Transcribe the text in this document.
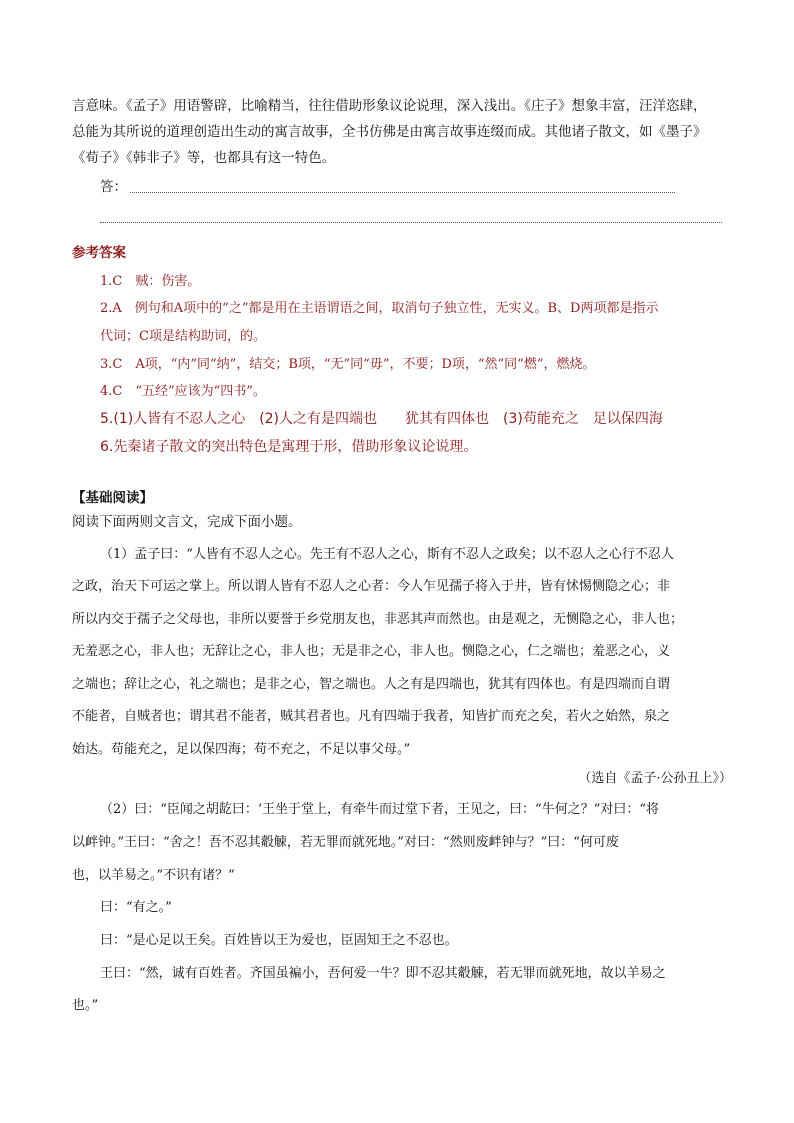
言意味。《孟子》用语警辟，比喻精当，往往借助形象议论说理，深入浅出。《庄子》想象丰富，汪洋恣肆，
总能为其所说的道理创造出生动的寓言故事，全书仿佛是由寓言故事连缀而成。其他诸子散文，如《墨子》
《荀子》《韩非子》等，也都具有这一特色。
答：
参考答案
1.C　贼：伤害。
2.A　例句和A项中的“之”都是用在主语谓语之间，取消句子独立性，无实义。B、D两项都是指示
代词；C项是结构助词，的。
3.C　A项，“内”同“纳”，结交；B项，“无”同“毋”，不要；D项，“然”同“燃”，燃烧。
4.C　“五经”应该为“四书”。
5.(1)人皆有不忍人之心　(2)人之有是四端也　　犹其有四体也　(3)苟能充之　足以保四海
6.先秦诸子散文的突出特色是寓理于形，借助形象议论说理。
【基础阅读】
阅读下面两则文言文，完成下面小题。
（1）孟子曰：“人皆有不忍人之心。先王有不忍人之心，斯有不忍人之政矣；以不忍人之心行不忍人
之政，治天下可运之掌上。所以谓人皆有不忍人之心者：今人乍见孺子将入于井，皆有怵惕恻隐之心；非
所以内交于孺子之父母也，非所以要誉于乡党朋友也，非恶其声而然也。由是观之，无恻隐之心，非人也；
无羞恶之心，非人也；无辞让之心，非人也；无是非之心，非人也。恻隐之心，仁之端也；羞恶之心，义
之端也；辞让之心，礼之端也；是非之心，智之端也。人之有是四端也，犹其有四体也。有是四端而自谓
不能者，自贼者也；谓其君不能者，贼其君者也。凡有四端于我者，知皆扩而充之矣，若火之始然，泉之
始达。苟能充之，足以保四海；苟不充之，不足以事父母。”
（选自《孟子·公孙丑上》）
（2）曰：“臣闻之胡龁曰：‘王坐于堂上，有牵牛而过堂下者，王见之，曰：“牛何之？”对曰：“将
以衅钟。”王曰：“舍之！吾不忍其觳觫，若无罪而就死地。”对曰：“然则废衅钟与？”曰：“何可废
也，以羊易之。”不识有诸？”
曰：“有之。”
曰：“是心足以王矣。百姓皆以王为爱也，臣固知王之不忍也。
王曰：“然，诚有百姓者。齐国虽褊小，吾何爱一牛？即不忍其觳觫，若无罪而就死地，故以羊易之
也。”
